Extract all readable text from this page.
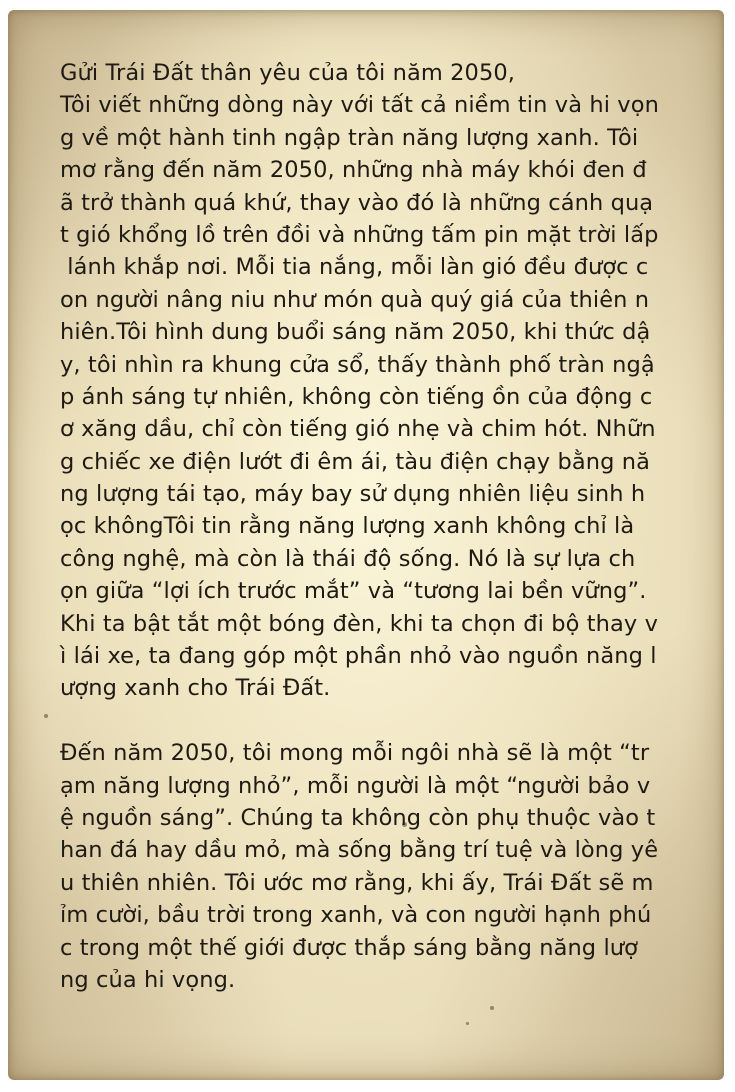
Gửi Trái Đất thân yêu của tôi năm 2050,
Tôi viết những dòng này với tất cả niềm tin và hi vọn
g về một hành tinh ngập tràn năng lượng xanh. Tôi
mơ rằng đến năm 2050, những nhà máy khói đen đ
ã trở thành quá khứ, thay vào đó là những cánh quạ
t gió khổng lồ trên đồi và những tấm pin mặt trời lấp
lánh khắp nơi. Mỗi tia nắng, mỗi làn gió đều được c
on người nâng niu như món quà quý giá của thiên n
hiên.Tôi hình dung buổi sáng năm 2050, khi thức dậ
y, tôi nhìn ra khung cửa sổ, thấy thành phố tràn ngậ
p ánh sáng tự nhiên, không còn tiếng ồn của động c
ơ xăng dầu, chỉ còn tiếng gió nhẹ và chim hót. Nhữn
g chiếc xe điện lướt đi êm ái, tàu điện chạy bằng nă
ng lượng tái tạo, máy bay sử dụng nhiên liệu sinh h
ọc khôngTôi tin rằng năng lượng xanh không chỉ là
công nghệ, mà còn là thái độ sống. Nó là sự lựa ch
ọn giữa “lợi ích trước mắt” và “tương lai bền vững”.
Khi ta bật tắt một bóng đèn, khi ta chọn đi bộ thay v
ì lái xe, ta đang góp một phần nhỏ vào nguồn năng l
ượng xanh cho Trái Đất.
Đến năm 2050, tôi mong mỗi ngôi nhà sẽ là một “tr
ạm năng lượng nhỏ”, mỗi người là một “người bảo v
ệ nguồn sáng”. Chúng ta không còn phụ thuộc vào t
han đá hay dầu mỏ, mà sống bằng trí tuệ và lòng yê
u thiên nhiên. Tôi ước mơ rằng, khi ấy, Trái Đất sẽ m
ỉm cười, bầu trời trong xanh, và con người hạnh phú
c trong một thế giới được thắp sáng bằng năng lượ
ng của hi vọng.
